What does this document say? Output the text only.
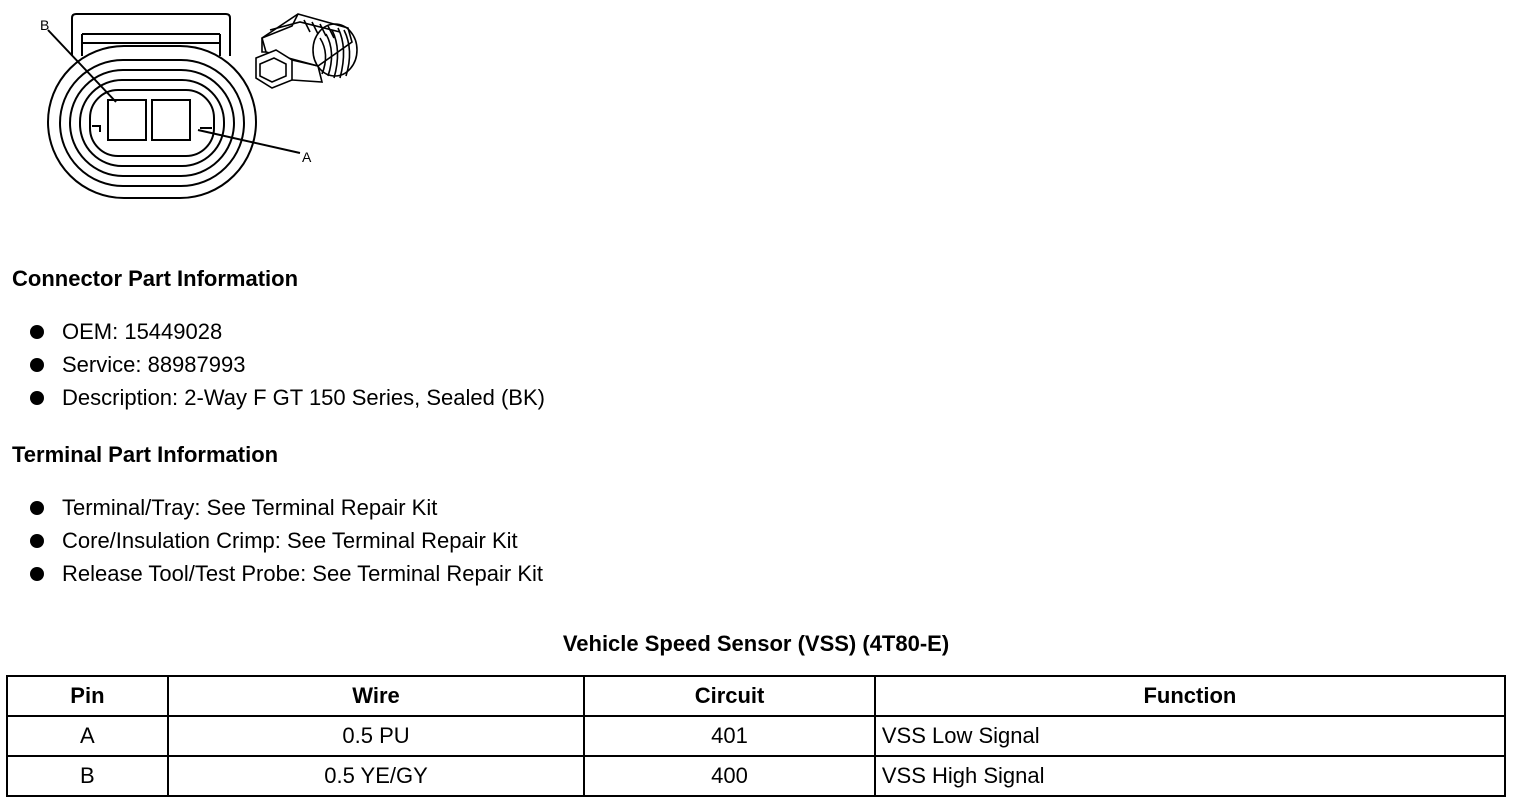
B
A
Connector Part Information
OEM: 15449028
Service: 88987993
Description: 2-Way F GT 150 Series, Sealed (BK)
Terminal Part Information
Terminal/Tray: See Terminal Repair Kit
Core/Insulation Crimp: See Terminal Repair Kit
Release Tool/Test Probe: See Terminal Repair Kit
Vehicle Speed Sensor (VSS) (4T80-E)
Pin	Wire	Circuit	Function
A	0.5 PU	401	VSS Low Signal
B	0.5 YE/GY	400	VSS High Signal
